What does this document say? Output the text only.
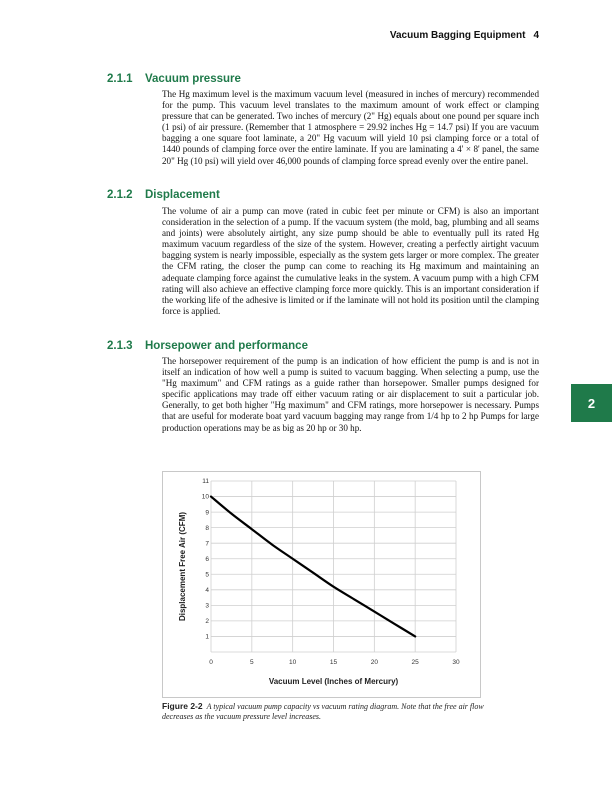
Vacuum Bagging Equipment 4
2.1.1 Vacuum pressure

The Hg maximum level is the maximum vacuum level (measured in inches of mercury) recommended for the pump. This vacuum level translates to the maximum amount of work effect or clamping pressure that can be generated. Two inches of mercury (2" Hg) equals about one pound per square inch (1 psi) of air pressure. (Remember that 1 atmosphere = 29.92 inches Hg = 14.7 psi) If you are vacuum bagging a one square foot laminate, a 20" Hg vacuum will yield 10 psi clamping force or a total of 1440 pounds of clamping force over the entire laminate. If you are laminating a 4' × 8' panel, the same 20" Hg (10 psi) will yield over 46,000 pounds of clamping force spread evenly over the entire panel.

2.1.2 Displacement

The volume of air a pump can move (rated in cubic feet per minute or CFM) is also an important consideration in the selection of a pump. If the vacuum system (the mold, bag, plumbing and all seams and joints) were absolutely airtight, any size pump should be able to eventually pull its rated Hg maximum vacuum regardless of the size of the system. However, creating a perfectly airtight vacuum bagging system is nearly impossible, especially as the system gets larger or more complex. The greater the CFM rating, the closer the pump can come to reaching its Hg maximum and maintaining an adequate clamping force against the cumulative leaks in the system. A vacuum pump with a high CFM rating will also achieve an effective clamping force more quickly. This is an important consideration if the working life of the adhesive is limited or if the laminate will not hold its position until the clamping force is applied.

2.1.3 Horsepower and performance

The horsepower requirement of the pump is an indication of how efficient the pump is and is not in itself an indication of how well a pump is suited to vacuum bagging. When selecting a pump, use the "Hg maximum" and CFM ratings as a guide rather than horsepower. Smaller pumps designed for specific applications may trade off either vacuum rating or air displacement to suit a particular job. Generally, to get both higher "Hg maximum" and CFM ratings, more horsepower is necessary. Pumps that are useful for moderate boat yard vacuum bagging may range from 1/4 hp to 2 hp Pumps for large production operations may be as big as 20 hp or 30 hp.

2
1
2
3
4
5
6
7
8
9
10
11
0	5	10	15	20	25	30
Vacuum Level (Inches of Mercury)
Displacement Free Air (CFM)
Figure 2-2 A typical vacuum pump capacity vs vacuum rating diagram. Note that the free air flow decreases as the vacuum pressure level increases.
